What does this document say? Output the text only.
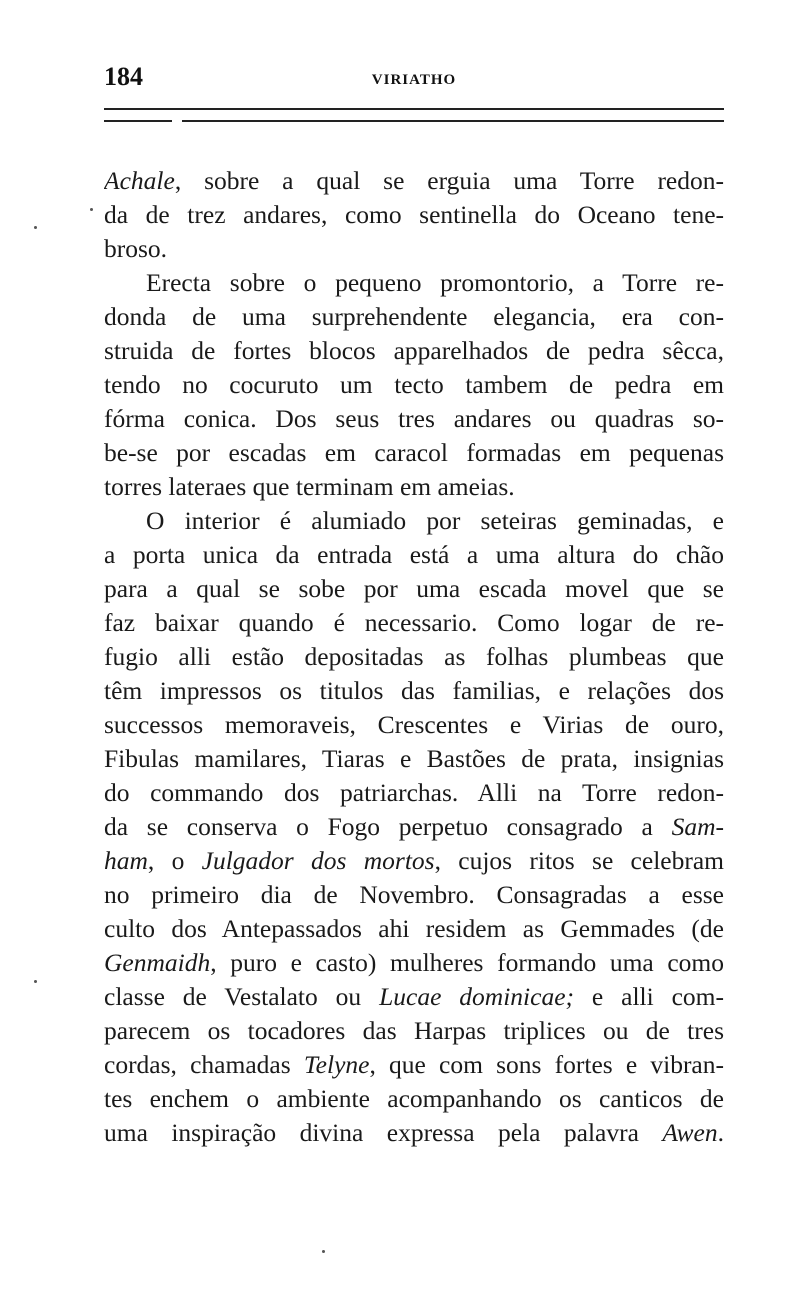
184	VIRIATHO
Achale, sobre a qual se erguia uma Torre redon-
da de trez andares, como sentinella do Oceano tene-
broso.
Erecta sobre o pequeno promontorio, a Torre re-
donda de uma surprehendente elegancia, era con-
struida de fortes blocos apparelhados de pedra sêcca,
tendo no cocuruto um tecto tambem de pedra em
fórma conica. Dos seus tres andares ou quadras so-
be-se por escadas em caracol formadas em pequenas
torres lateraes que terminam em ameias.
O interior é alumiado por seteiras geminadas, e
a porta unica da entrada está a uma altura do chão
para a qual se sobe por uma escada movel que se
faz baixar quando é necessario. Como logar de re-
fugio alli estão depositadas as folhas plumbeas que
têm impressos os titulos das familias, e relações dos
successos memoraveis, Crescentes e Virias de ouro,
Fibulas mamilares, Tiaras e Bastões de prata, insignias
do commando dos patriarchas. Alli na Torre redon-
da se conserva o Fogo perpetuo consagrado a Sam-
ham, o Julgador dos mortos, cujos ritos se celebram
no primeiro dia de Novembro. Consagradas a esse
culto dos Antepassados ahi residem as Gemmades (de
Genmaidh, puro e casto) mulheres formando uma como
classe de Vestalato ou Lucae dominicae; e alli com-
parecem os tocadores das Harpas triplices ou de tres
cordas, chamadas Telyne, que com sons fortes e vibran-
tes enchem o ambiente acompanhando os canticos de
uma inspiração divina expressa pela palavra Awen.
